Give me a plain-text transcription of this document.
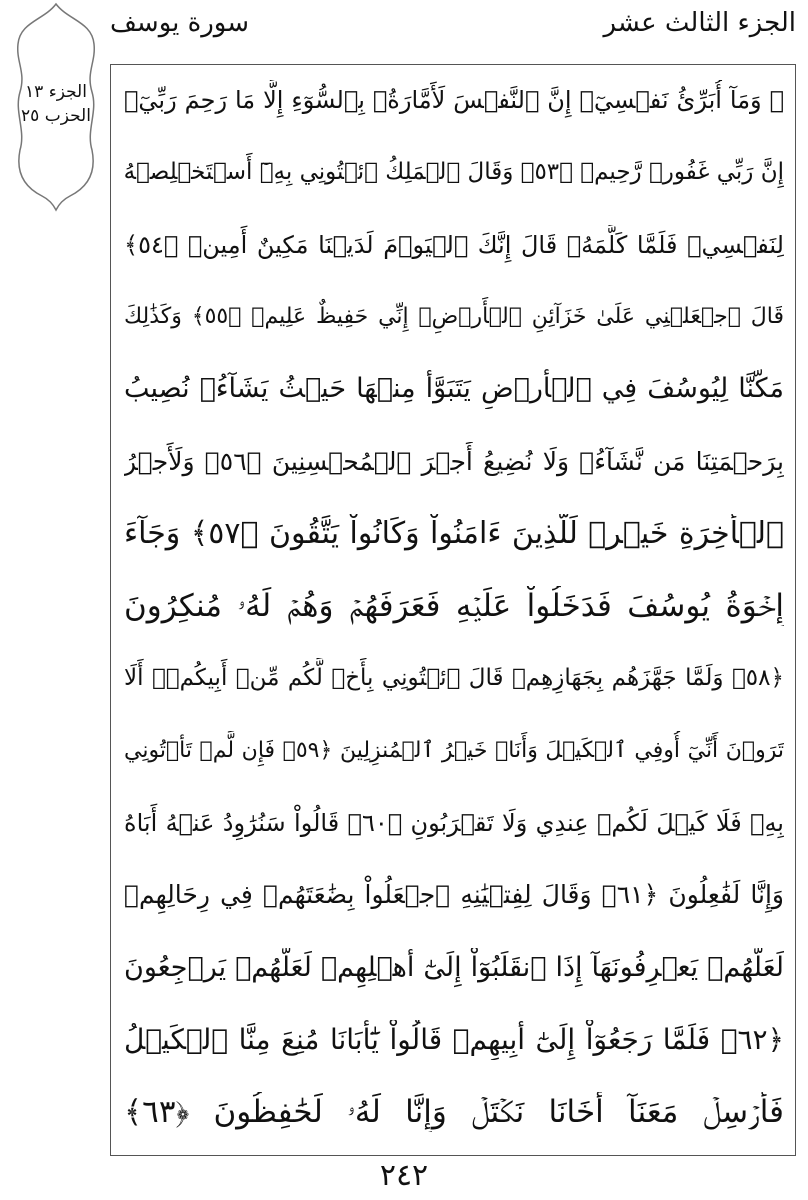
الجزء الثالث عشر
سورة يوسف
الجزء ١٣
الحزب ٢٥
۞ وَمَآ أُبَرِّئُ نَفۡسِيٓۚ إِنَّ ٱلنَّفۡسَ لَأَمَّارَةُۢ بِٱلسُّوٓءِ إِلَّا مَا رَحِمَ رَبِّيٓۚ
إِنَّ رَبِّي غَفُورٞ رَّحِيمٞ ﴿٥٣﴾ وَقَالَ ٱلۡمَلِكُ ٱئۡتُونِي بِهِۦٓ أَسۡتَخۡلِصۡهُ
لِنَفۡسِيۖ فَلَمَّا كَلَّمَهُۥ قَالَ إِنَّكَ ٱلۡيَوۡمَ لَدَيۡنَا مَكِينٌ أَمِينٞ ﴿٥٤﴾
قَالَ ٱجۡعَلۡنِي عَلَىٰ خَزَآئِنِ ٱلۡأَرۡضِۖ إِنِّي حَفِيظٌ عَلِيمٞ ﴿٥٥﴾ وَكَذَٰلِكَ
مَكَّنَّا لِيُوسُفَ فِي ٱلۡأَرۡضِ يَتَبَوَّأُ مِنۡهَا حَيۡثُ يَشَآءُۚ نُصِيبُ
بِرَحۡمَتِنَا مَن نَّشَآءُۖ وَلَا نُضِيعُ أَجۡرَ ٱلۡمُحۡسِنِينَ ﴿٥٦﴾ وَلَأَجۡرُ
ٱلۡأٓخِرَةِ خَيۡرٞ لِّلَّذِينَ ءَامَنُواْ وَكَانُواْ يَتَّقُونَ ﴿٥٧﴾ وَجَآءَ
إِخۡوَةُ يُوسُفَ فَدَخَلُواْ عَلَيۡهِ فَعَرَفَهُمۡ وَهُمۡ لَهُۥ مُنكِرُونَ
﴿٥٨﴾ وَلَمَّا جَهَّزَهُم بِجَهَازِهِمۡ قَالَ ٱئۡتُونِي بِأَخٖ لَّكُم مِّنۡ أَبِيكُمۡۚ أَلَا
تَرَوۡنَ أَنِّيٓ أُوفِي ٱلۡكَيۡلَ وَأَنَا۠ خَيۡرُ ٱلۡمُنزِلِينَ ﴿٥٩﴾ فَإِن لَّمۡ تَأۡتُونِي
بِهِۦ فَلَا كَيۡلَ لَكُمۡ عِندِي وَلَا تَقۡرَبُونِ ﴿٦٠﴾ قَالُواْ سَنُرَٰوِدُ عَنۡهُ أَبَاهُ
وَإِنَّا لَفَٰعِلُونَ ﴿٦١﴾ وَقَالَ لِفِتۡيَٰنِهِ ٱجۡعَلُواْ بِضَٰعَتَهُمۡ فِي رِحَالِهِمۡ
لَعَلَّهُمۡ يَعۡرِفُونَهَآ إِذَا ٱنقَلَبُوٓاْ إِلَىٰٓ أَهۡلِهِمۡ لَعَلَّهُمۡ يَرۡجِعُونَ
﴿٦٢﴾ فَلَمَّا رَجَعُوٓاْ إِلَىٰٓ أَبِيهِمۡ قَالُواْ يَٰٓأَبَانَا مُنِعَ مِنَّا ٱلۡكَيۡلُ
فَأَرۡسِلۡ مَعَنَآ أَخَانَا نَكۡتَلۡ وَإِنَّا لَهُۥ لَحَٰفِظُونَ ﴿٦٣﴾
٢٤٢
